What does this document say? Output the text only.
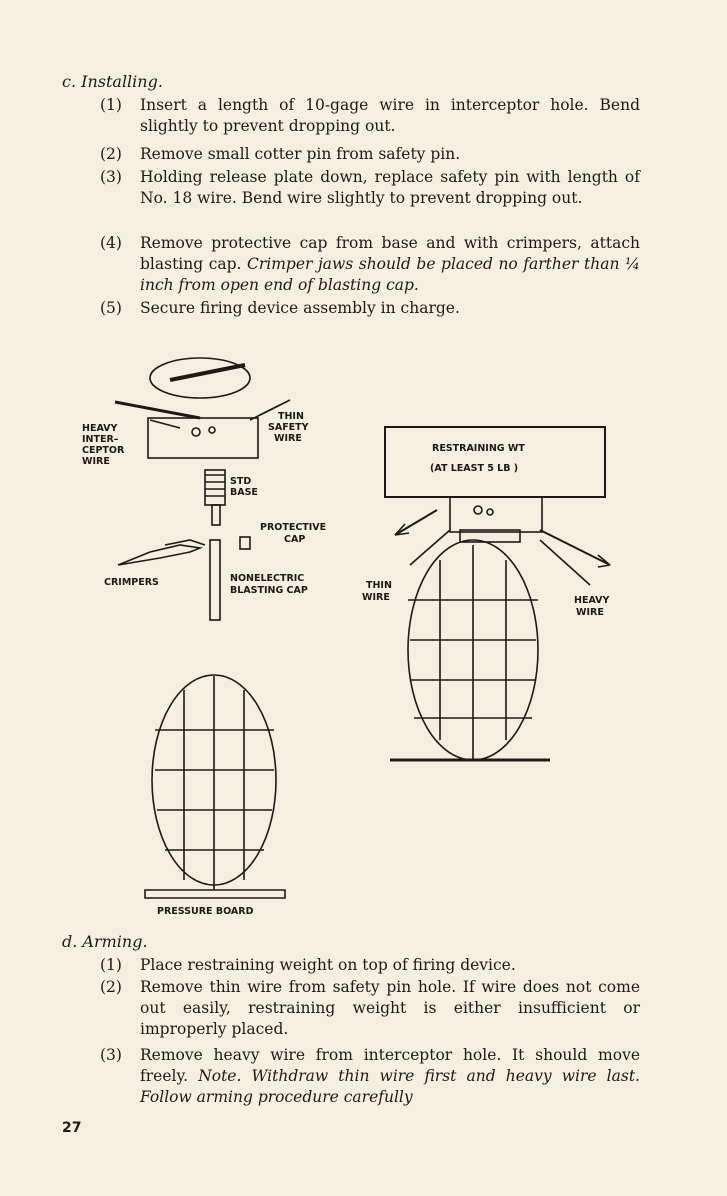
c. Installing.
(1)	Insert a length of 10-gage wire in interceptor hole. Bend slightly to prevent dropping out.
(2)	Remove small cotter pin from safety pin.
(3)	Holding release plate down, replace safety pin with length of No. 18 wire. Bend wire slightly to prevent dropping out.
(4)	Remove protective cap from base and with crimpers, attach blasting cap. Crimper jaws should be placed no farther than ¼ inch from open end of blasting cap.
(5)	Secure firing device assembly in charge.
HEAVY
INTER–
CEPTOR
WIRE
THIN
SAFETY
WIRE
STD
BASE
PROTECTIVE
CAP
CRIMPERS	NONELECTRIC
BLASTING CAP
RESTRAINING WT
(AT LEAST 5 LB )
THIN
WIRE	HEAVY
WIRE
PRESSURE BOARD
d. Arming.
(1)	Place restraining weight on top of firing device.
(2)	Remove thin wire from safety pin hole. If wire does not come out easily, restraining weight is either insufficient or improperly placed.
(3)	Remove heavy wire from interceptor hole. It should move freely. Note. Withdraw thin wire first and heavy wire last. Follow arming procedure carefully
27
